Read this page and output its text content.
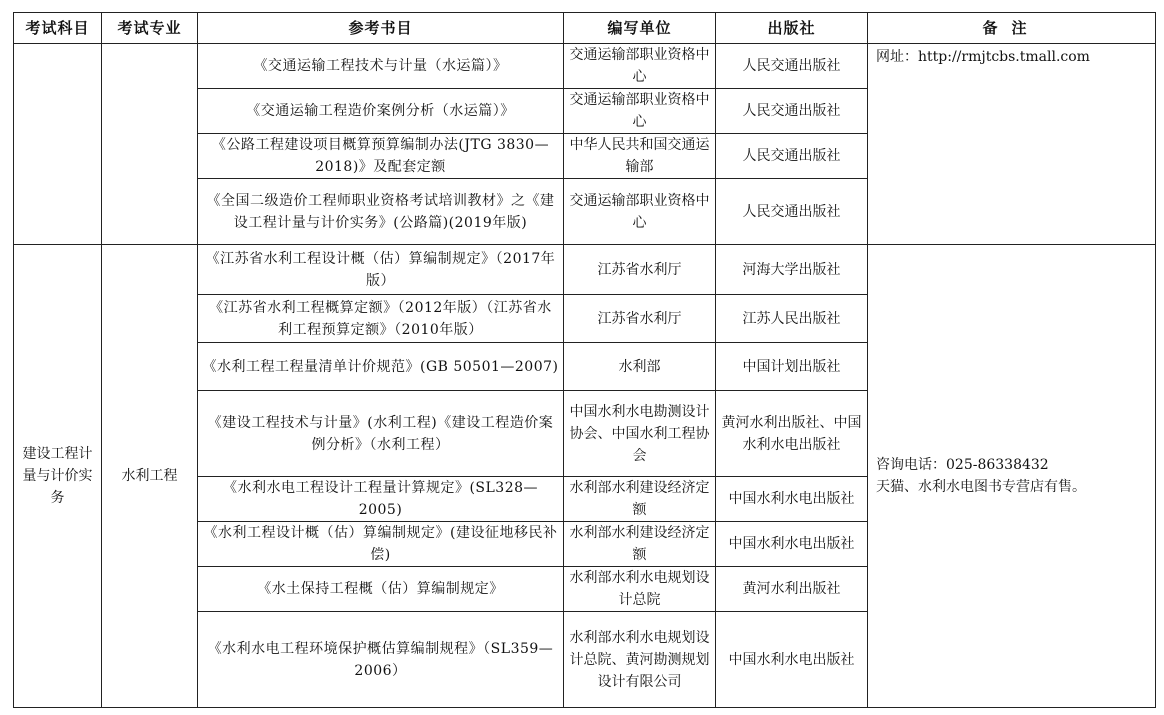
考试科目	考试专业	参考书目	编写单位	出版社	备注
		《交通运输工程技术与计量（水运篇）》	交通运输部职业资格中心	人民交通出版社	网址：http://rmjtcbs.tmall.com
		《交通运输工程造价案例分析（水运篇）》	交通运输部职业资格中心	人民交通出版社	
		《公路工程建设项目概算预算编制办法(JTG 3830—2018)》及配套定额	中华人民共和国交通运输部	人民交通出版社	
		《全国二级造价工程师职业资格考试培训教材》之《建设工程计量与计价实务》(公路篇)(2019年版)	交通运输部职业资格中心	人民交通出版社	
建设工程计量与计价实务	水利工程	《江苏省水利工程设计概（估）算编制规定》（2017年版）	江苏省水利厅	河海大学出版社	咨询电话：025-86338432
天猫、水利水电图书专营店有售。

		《江苏省水利工程概算定额》（2012年版）（江苏省水利工程预算定额》（2010年版）	江苏省水利厅	江苏人民出版社	
		《水利工程工程量清单计价规范》(GB 50501—2007)	水利部	中国计划出版社	
		《建设工程技术与计量》(水利工程)《建设工程造价案例分析》（水利工程）	中国水利水电勘测设计协会、中国水利工程协会	黄河水利出版社、中国水利水电出版社	
		《水利水电工程设计工程量计算规定》(SL328—2005)	水利部水利建设经济定额	中国水利水电出版社	
		《水利工程设计概（估）算编制规定》(建设征地移民补偿)	水利部水利建设经济定额	中国水利水电出版社	
		《水土保持工程概（估）算编制规定》	水利部水利水电规划设计总院	黄河水利出版社	
		《水利水电工程环境保护概估算编制规程》（SL359—2006）	水利部水利水电规划设计总院、黄河勘测规划设计有限公司	中国水利水电出版社	
